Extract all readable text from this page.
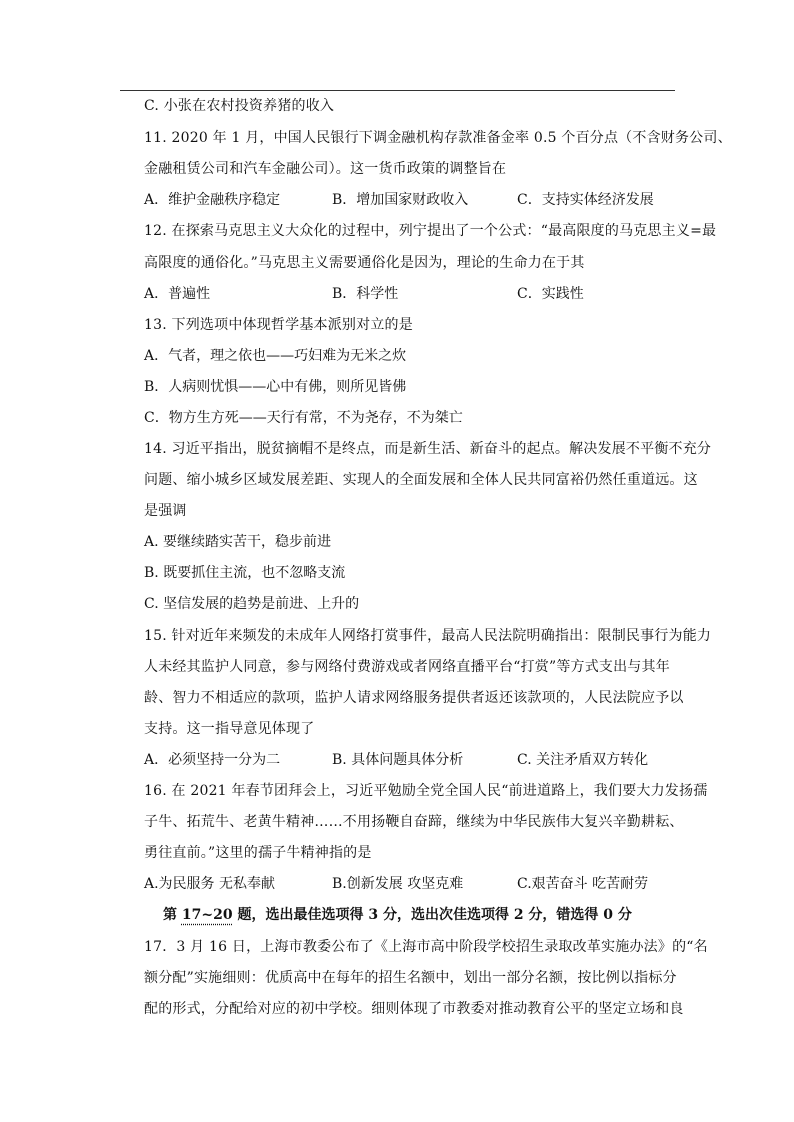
C. 小张在农村投资养猪的收入
11. 2020 年 1 月，中国人民银行下调金融机构存款准备金率 0.5 个百分点（不含财务公司、
金融租赁公司和汽车金融公司）。这一货币政策的调整旨在
A．维护金融秩序稳定	B．增加国家财政收入	C．支持实体经济发展
12. 在探索马克思主义大众化的过程中，列宁提出了一个公式：“最高限度的马克思主义=最
高限度的通俗化。”马克思主义需要通俗化是因为，理论的生命力在于其
A．普遍性	B．科学性	C．实践性
13. 下列选项中体现哲学基本派别对立的是
A．气者，理之依也——巧妇难为无米之炊
B．人病则忧惧——心中有佛，则所见皆佛
C．物方生方死——天行有常，不为尧存，不为桀亡
14. 习近平指出，脱贫摘帽不是终点，而是新生活、新奋斗的起点。解决发展不平衡不充分
问题、缩小城乡区域发展差距、实现人的全面发展和全体人民共同富裕仍然任重道远。这
是强调
A. 要继续踏实苦干，稳步前进
B. 既要抓住主流，也不忽略支流
C. 坚信发展的趋势是前进、上升的
15. 针对近年来频发的未成年人网络打赏事件，最高人民法院明确指出：限制民事行为能力
人未经其监护人同意，参与网络付费游戏或者网络直播平台“打赏”等方式支出与其年
龄、智力不相适应的款项，监护人请求网络服务提供者返还该款项的，人民法院应予以
支持。这一指导意见体现了
A．必须坚持一分为二	B. 具体问题具体分析	C. 关注矛盾双方转化
16. 在 2021 年春节团拜会上，习近平勉励全党全国人民“前进道路上，我们要大力发扬孺
子牛、拓荒牛、老黄牛精神……不用扬鞭自奋蹄，继续为中华民族伟大复兴辛勤耕耘、
勇往直前。”这里的孺子牛精神指的是
A.为民服务 无私奉献	B.创新发展 攻坚克难	C.艰苦奋斗 吃苦耐劳
第 17~20 题，选出最佳选项得 3 分，选出次佳选项得 2 分，错选得 0 分
17．3 月 16 日，上海市教委公布了《上海市高中阶段学校招生录取改革实施办法》的“名
额分配”实施细则：优质高中在每年的招生名额中，划出一部分名额，按比例以指标分
配的形式，分配给对应的初中学校。细则体现了市教委对推动教育公平的坚定立场和良
